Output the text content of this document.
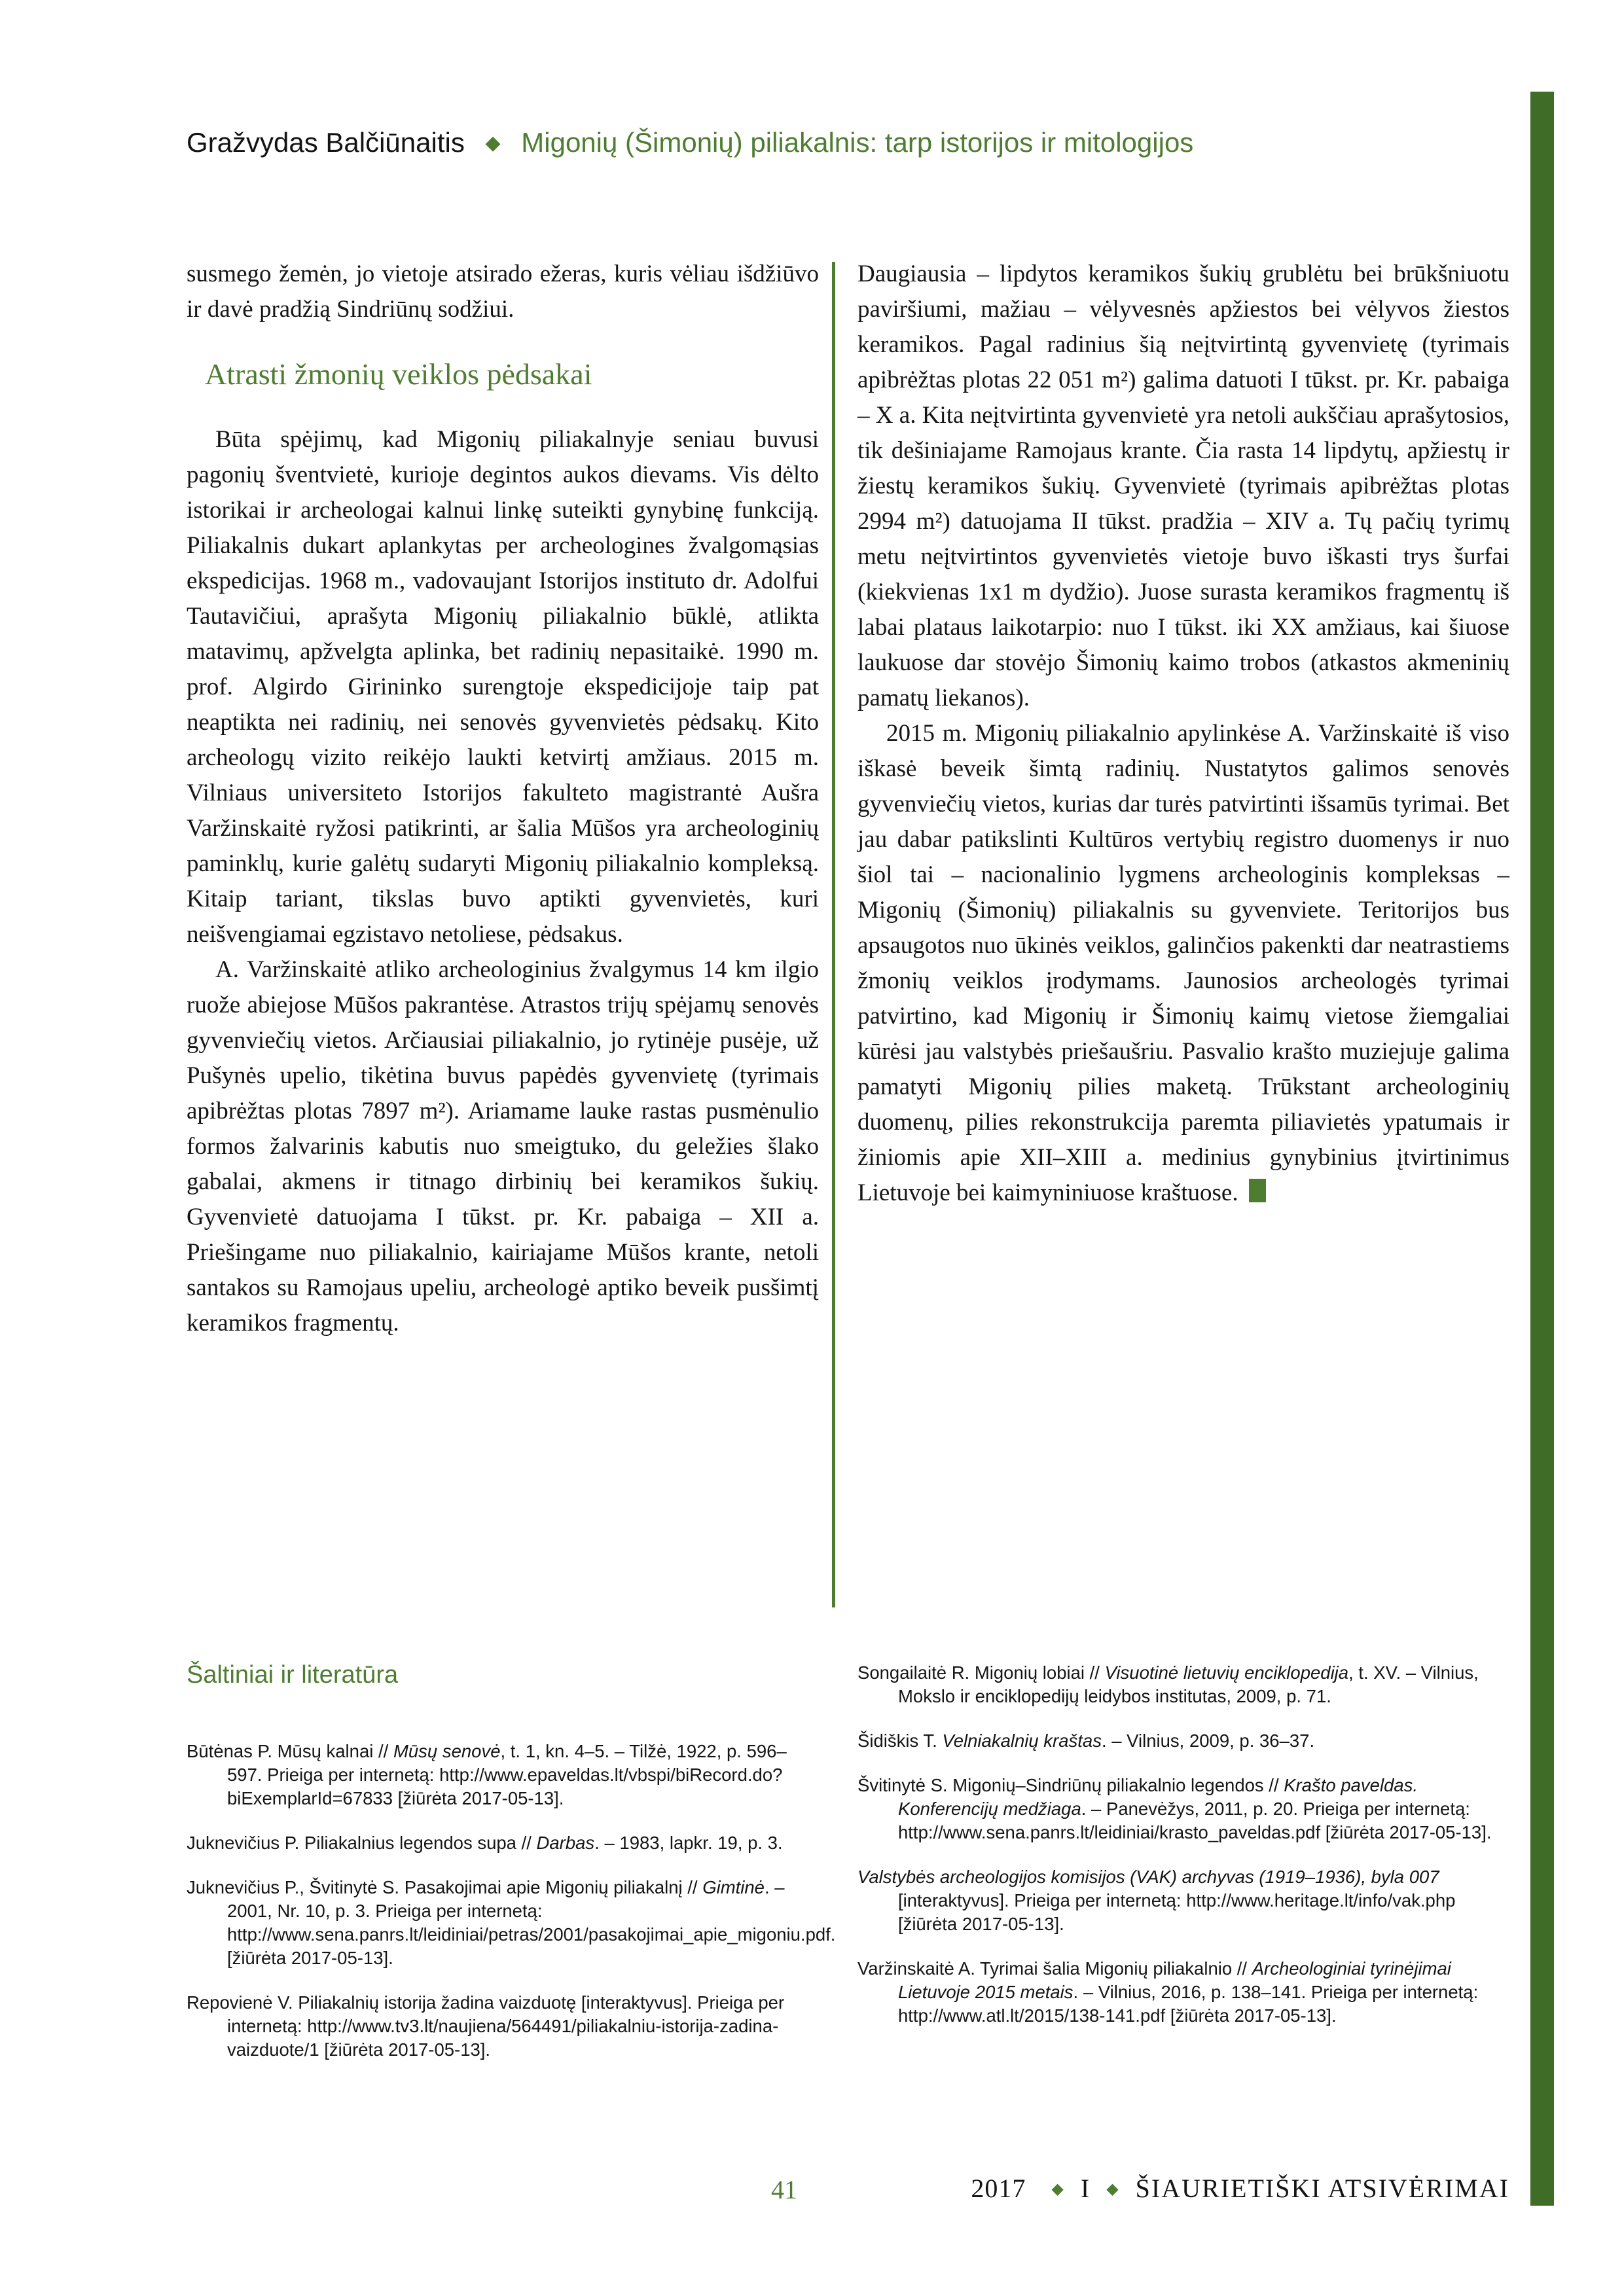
Gražvydas Balčiūnaitis ◆ Migonių (Šimonių) piliakalnis: tarp istorijos ir mitologijos

susmego žemėn, jo vietoje atsirado ežeras, kuris vėliau išdžiūvo ir davė pradžią Sindriūnų sodžiui.

Atrasti žmonių veiklos pėdsakai

Būta spėjimų, kad Migonių piliakalnyje seniau buvusi pagonių šventvietė, kurioje degintos aukos dievams. Vis dėlto istorikai ir archeologai kalnui linkę suteikti gynybinę funkciją. Piliakalnis dukart aplankytas per archeologines žvalgomąsias ekspedicijas. 1968 m., vadovaujant Istorijos instituto dr. Adolfui Tautavičiui, aprašyta Migonių piliakalnio būklė, atlikta matavimų, apžvelgta aplinka, bet radinių nepasitaikė. 1990 m. prof. Algirdo Girininko surengtoje ekspedicijoje taip pat neaptikta nei radinių, nei senovės gyvenvietės pėdsakų. Kito archeologų vizito reikėjo laukti ketvirtį amžiaus. 2015 m. Vilniaus universiteto Istorijos fakulteto magistrantė Aušra Varžinskaitė ryžosi patikrinti, ar šalia Mūšos yra archeologinių paminklų, kurie galėtų sudaryti Migonių piliakalnio kompleksą. Kitaip tariant, tikslas buvo aptikti gyvenvietės, kuri neišvengiamai egzistavo netoliese, pėdsakus.

A. Varžinskaitė atliko archeologinius žvalgymus 14 km ilgio ruože abiejose Mūšos pakrantėse. Atrastos trijų spėjamų senovės gyvenviečių vietos. Arčiausiai piliakalnio, jo rytinėje pusėje, už Pušynės upelio, tikėtina buvus papėdės gyvenvietę (tyrimais apibrėžtas plotas 7897 m²). Ariamame lauke rastas pusmėnulio formos žalvarinis kabutis nuo smeigtuko, du geležies šlako gabalai, akmens ir titnago dirbinių bei keramikos šukių. Gyvenvietė datuojama I tūkst. pr. Kr. pabaiga – XII a. Priešingame nuo piliakalnio, kairiajame Mūšos krante, netoli santakos su Ramojaus upeliu, archeologė aptiko beveik pusšimtį keramikos fragmentų.

Daugiausia – lipdytos keramikos šukių grublėtu bei brūkšniuotu paviršiumi, mažiau – vėlyvesnės apžiestos bei vėlyvos žiestos keramikos. Pagal radinius šią neįtvirtintą gyvenvietę (tyrimais apibrėžtas plotas 22 051 m²) galima datuoti I tūkst. pr. Kr. pabaiga – X a. Kita neįtvirtinta gyvenvietė yra netoli aukščiau aprašytosios, tik dešiniajame Ramojaus krante. Čia rasta 14 lipdytų, apžiestų ir žiestų keramikos šukių. Gyvenvietė (tyrimais apibrėžtas plotas 2994 m²) datuojama II tūkst. pradžia – XIV a. Tų pačių tyrimų metu neįtvirtintos gyvenvietės vietoje buvo iškasti trys šurfai (kiekvienas 1x1 m dydžio). Juose surasta keramikos fragmentų iš labai plataus laikotarpio: nuo I tūkst. iki XX amžiaus, kai šiuose laukuose dar stovėjo Šimonių kaimo trobos (atkastos akmeninių pamatų liekanos).

2015 m. Migonių piliakalnio apylinkėse A. Varžinskaitė iš viso iškasė beveik šimtą radinių. Nustatytos galimos senovės gyvenviečių vietos, kurias dar turės patvirtinti išsamūs tyrimai. Bet jau dabar patikslinti Kultūros vertybių registro duomenys ir nuo šiol tai – nacionalinio lygmens archeologinis kompleksas – Migonių (Šimonių) piliakalnis su gyvenviete. Teritorijos bus apsaugotos nuo ūkinės veiklos, galinčios pakenkti dar neatrastiems žmonių veiklos įrodymams. Jaunosios archeologės tyrimai patvirtino, kad Migonių ir Šimonių kaimų vietose žiemgaliai kūrėsi jau valstybės priešaušriu. Pasvalio krašto muziejuje galima pamatyti Migonių pilies maketą. Trūkstant archeologinių duomenų, pilies rekonstrukcija paremta piliavietės ypatumais ir žiniomis apie XII–XIII a. medinius gynybinius įtvirtinimus Lietuvoje bei kaimyniniuose kraštuose.

Šaltiniai ir literatūra

Būtėnas P. Mūsų kalnai // Mūsų senovė, t. 1, kn. 4–5. – Tilžė, 1922, p. 596–597. Prieiga per internetą: http://www.epaveldas.lt/vbspi/biRecord.do?biExemplarId=67833 [žiūrėta 2017-05-13].

Juknevičius P. Piliakalnius legendos supa // Darbas. – 1983, lapkr. 19, p. 3.

Juknevičius P., Švitinytė S. Pasakojimai apie Migonių piliakalnį // Gimtinė. – 2001, Nr. 10, p. 3. Prieiga per internetą: http://www.sena.panrs.lt/leidiniai/petras/2001/pasakojimai_apie_migoniu.pdf. [žiūrėta 2017-05-13].

Repovienė V. Piliakalnių istorija žadina vaizduotę [interaktyvus]. Prieiga per internetą: http://www.tv3.lt/naujiena/564491/piliakalniu-istorija-zadina-vaizduote/1 [žiūrėta 2017-05-13].

Songailaitė R. Migonių lobiai // Visuotinė lietuvių enciklopedija, t. XV. – Vilnius, Mokslo ir enciklopedijų leidybos institutas, 2009, p. 71.

Šidiškis T. Velniakalnių kraštas. – Vilnius, 2009, p. 36–37.

Švitinytė S. Migonių–Sindriūnų piliakalnio legendos // Krašto paveldas. Konferencijų medžiaga. – Panevėžys, 2011, p. 20. Prieiga per internetą: http://www.sena.panrs.lt/leidiniai/krasto_paveldas.pdf [žiūrėta 2017-05-13].

Valstybės archeologijos komisijos (VAK) archyvas (1919–1936), byla 007 [interaktyvus]. Prieiga per internetą: http://www.heritage.lt/info/vak.php [žiūrėta 2017-05-13].

Varžinskaitė A. Tyrimai šalia Migonių piliakalnio // Archeologiniai tyrinėjimai Lietuvoje 2015 metais. – Vilnius, 2016, p. 138–141. Prieiga per internetą: http://www.atl.lt/2015/138-141.pdf [žiūrėta 2017-05-13].

41	2017 ◆ I ◆ ŠIAURIETIŠKI ATSIVĖRIMAI
